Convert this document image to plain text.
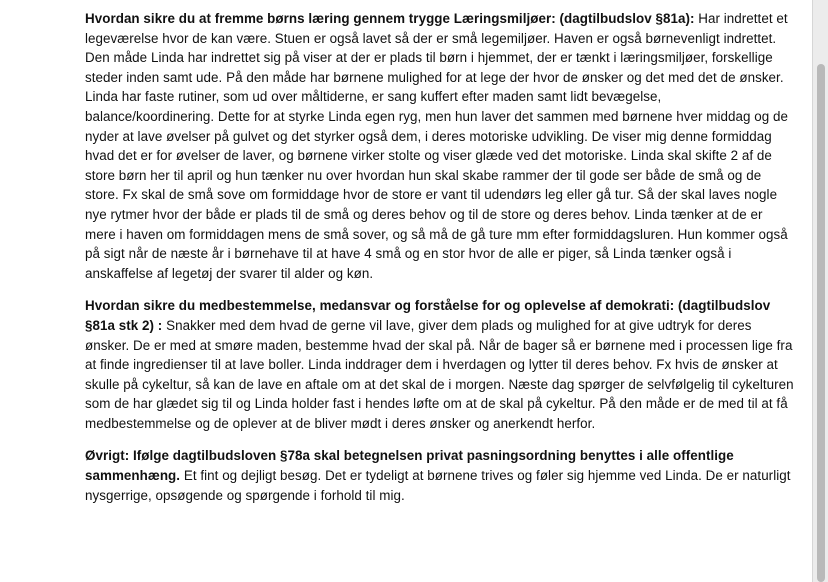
Hvordan sikre du at fremme børns læring gennem trygge Læringsmiljøer: (dagtilbudslov §81a): Har indrettet et legeværelse hvor de kan være. Stuen er også lavet så der er små legemiljøer. Haven er også børnevenligt indrettet. Den måde Linda har indrettet sig på viser at der er plads til børn i hjemmet, der er tænkt i læringsmiljøer, forskellige steder inden samt ude. På den måde har børnene mulighed for at lege der hvor de ønsker og det med det de ønsker. Linda har faste rutiner, som ud over måltiderne, er sang kuffert efter maden samt lidt bevægelse, balance/koordinering. Dette for at styrke Linda egen ryg, men hun laver det sammen med børnene hver middag og de nyder at lave øvelser på gulvet og det styrker også dem, i deres motoriske udvikling. De viser mig denne formiddag hvad det er for øvelser de laver, og børnene virker stolte og viser glæde ved det motoriske. Linda skal skifte 2 af de store børn her til april og hun tænker nu over hvordan hun skal skabe rammer der til gode ser både de små og de store. Fx skal de små sove om formiddage hvor de store er vant til udendørs leg eller gå tur. Så der skal laves nogle nye rytmer hvor der både er plads til de små og deres behov og til de store og deres behov. Linda tænker at de er mere i haven om formiddagen mens de små sover, og så må de gå ture mm efter formiddagsluren. Hun kommer også på sigt når de næste år i børnehave til at have 4 små og en stor hvor de alle er piger, så Linda tænker også i anskaffelse af legetøj der svarer til alder og køn.

Hvordan sikre du medbestemmelse, medansvar og forståelse for og oplevelse af demokrati: (dagtilbudslov §81a stk 2) : Snakker med dem hvad de gerne vil lave, giver dem plads og mulighed for at give udtryk for deres ønsker. De er med at smøre maden, bestemme hvad der skal på. Når de bager så er børnene med i processen lige fra at finde ingredienser til at lave boller. Linda inddrager dem i hverdagen og lytter til deres behov. Fx hvis de ønsker at skulle på cykeltur, så kan de lave en aftale om at det skal de i morgen. Næste dag spørger de selvfølgelig til cykelturen som de har glædet sig til og Linda holder fast i hendes løfte om at de skal på cykeltur. På den måde er de med til at få medbestemmelse og de oplever at de bliver mødt i deres ønsker og anerkendt herfor.

Øvrigt: Ifølge dagtilbudsloven §78a skal betegnelsen privat pasningsordning benyttes i alle offentlige sammenhæng. Et fint og dejligt besøg. Det er tydeligt at børnene trives og føler sig hjemme ved Linda. De er naturligt nysgerrige, opsøgende og spørgende i forhold til mig.
